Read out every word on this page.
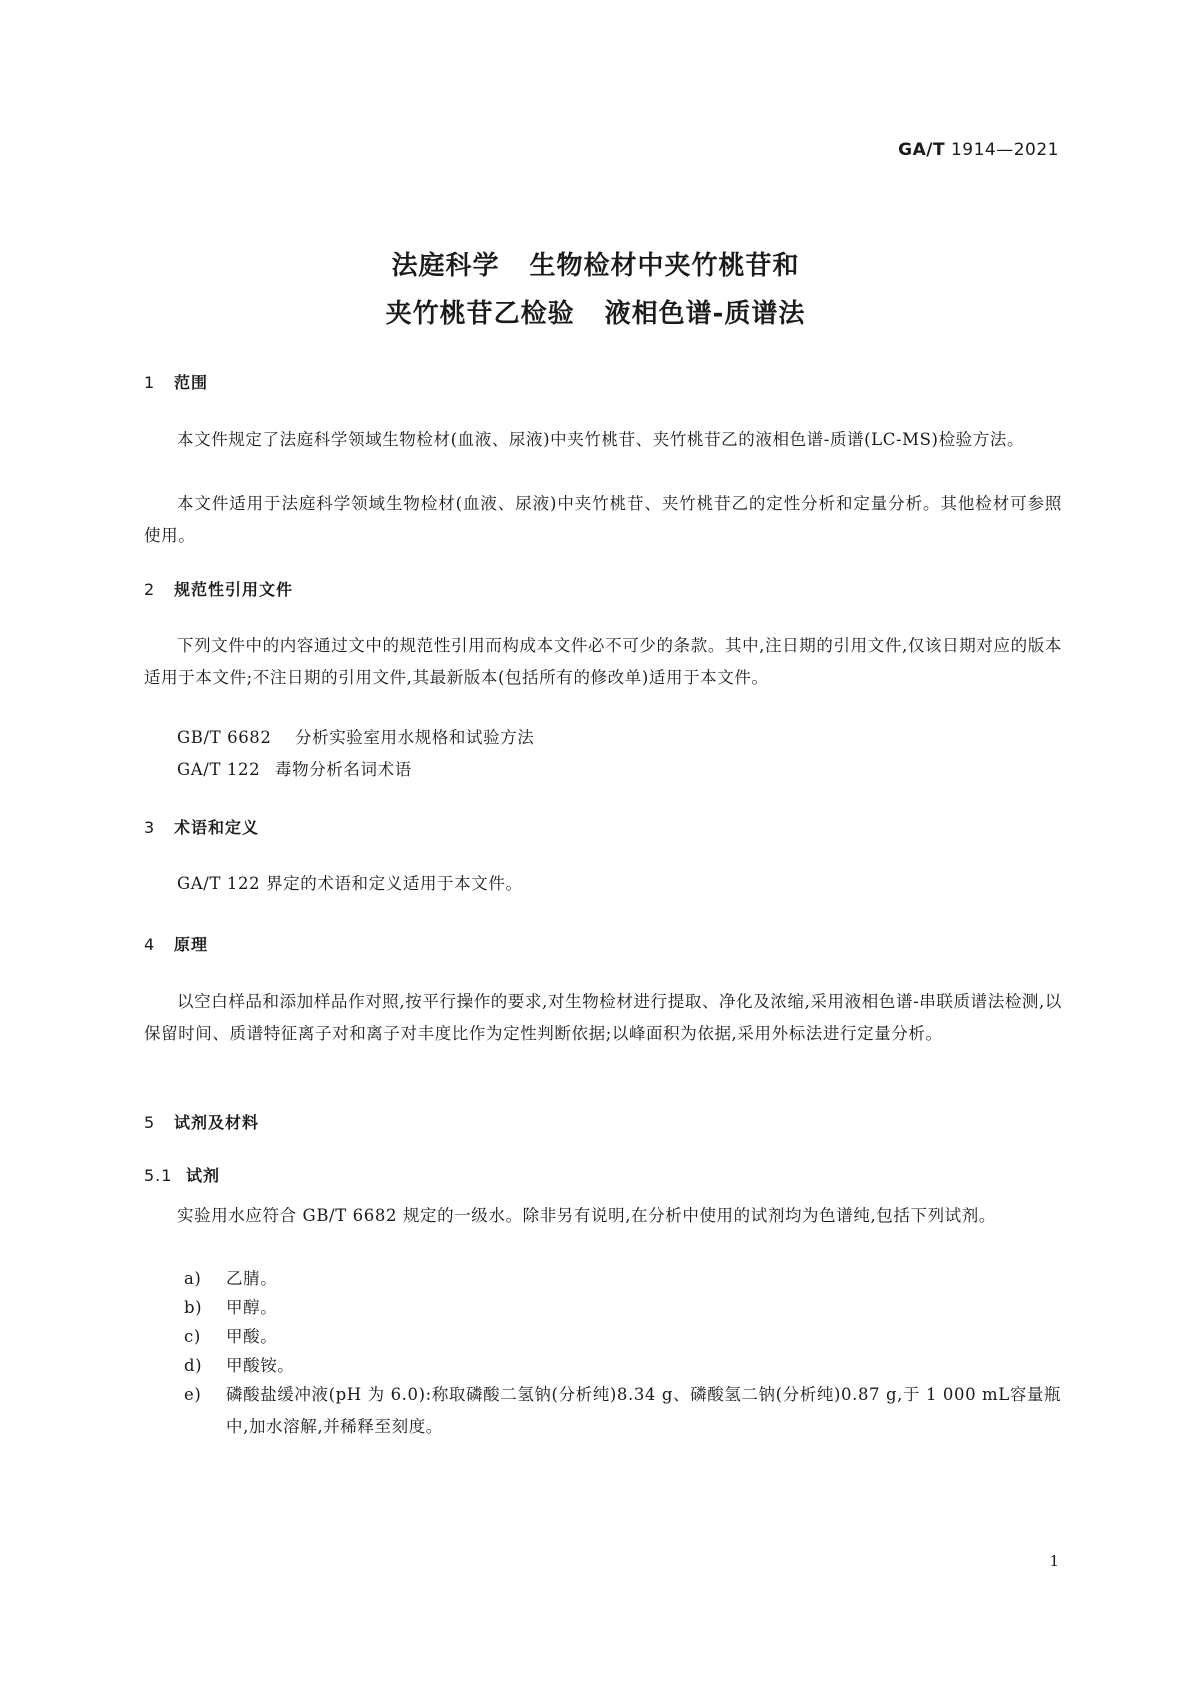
GA/T 1914—2021
法庭科学 生物检材中夹竹桃苷和
夹竹桃苷乙检验 液相色谱-质谱法
1 范围
本文件规定了法庭科学领域生物检材(血液、尿液)中夹竹桃苷、夹竹桃苷乙的液相色谱-质谱(LC-MS)检验方法。
本文件适用于法庭科学领域生物检材(血液、尿液)中夹竹桃苷、夹竹桃苷乙的定性分析和定量分析。其他检材可参照使用。
2 规范性引用文件
下列文件中的内容通过文中的规范性引用而构成本文件必不可少的条款。其中,注日期的引用文件,仅该日期对应的版本适用于本文件;不注日期的引用文件,其最新版本(包括所有的修改单)适用于本文件。
GB/T 6682 分析实验室用水规格和试验方法
GA/T 122 毒物分析名词术语
3 术语和定义
GA/T 122 界定的术语和定义适用于本文件。
4 原理
以空白样品和添加样品作对照,按平行操作的要求,对生物检材进行提取、净化及浓缩,采用液相色谱-串联质谱法检测,以保留时间、质谱特征离子对和离子对丰度比作为定性判断依据;以峰面积为依据,采用外标法进行定量分析。
5 试剂及材料
5.1 试剂
实验用水应符合 GB/T 6682 规定的一级水。除非另有说明,在分析中使用的试剂均为色谱纯,包括下列试剂。
a) 乙腈。
b) 甲醇。
c) 甲酸。
d) 甲酸铵。
e) 磷酸盐缓冲液(pH 为 6.0):称取磷酸二氢钠(分析纯)8.34 g、磷酸氢二钠(分析纯)0.87 g,于 1 000 mL容量瓶中,加水溶解,并稀释至刻度。
1
